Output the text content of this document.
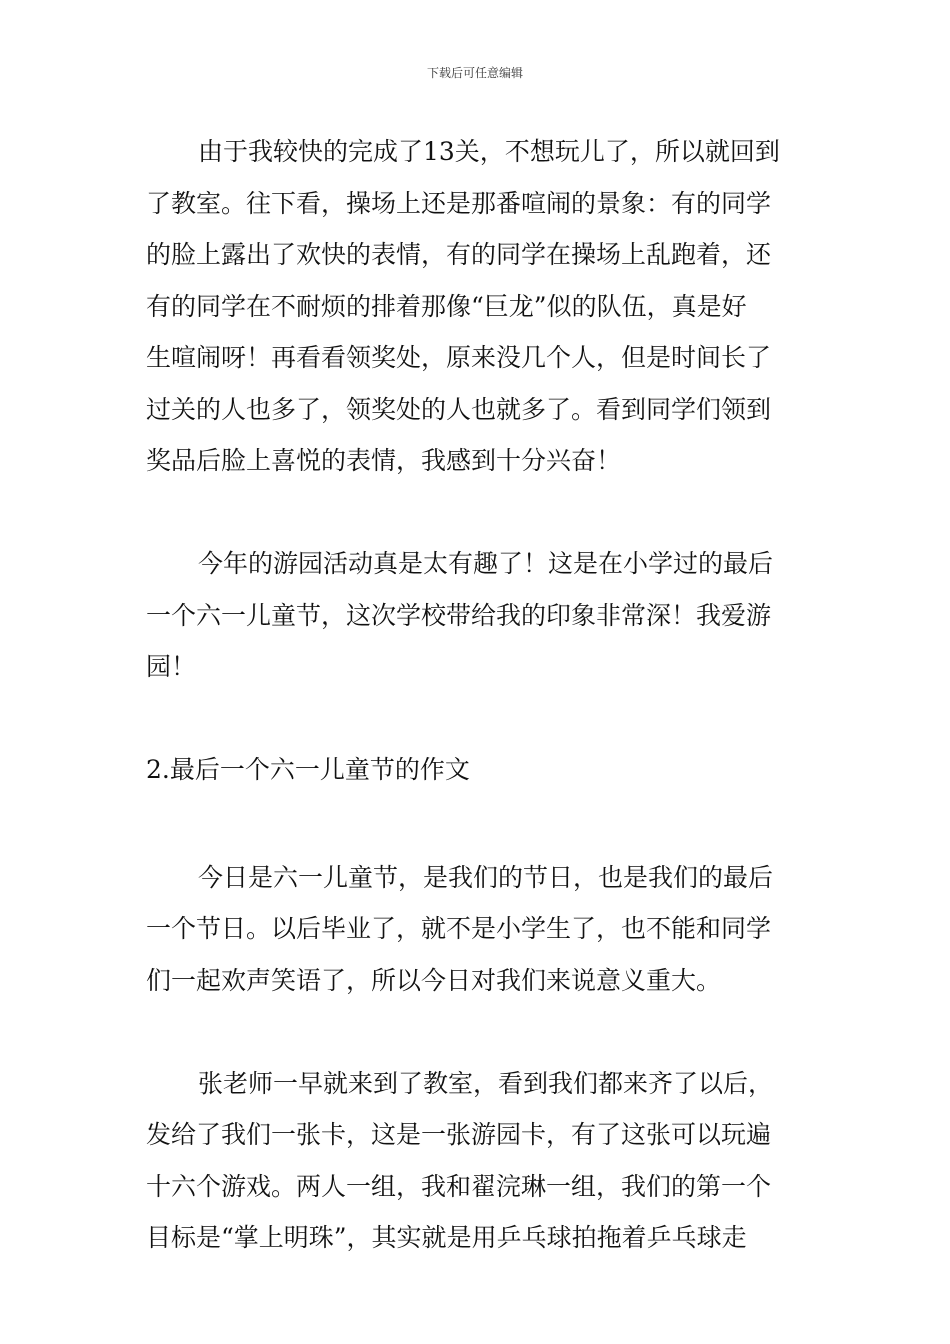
下载后可任意编辑

由于我较快的完成了13关，不想玩儿了，所以就回到
了教室。往下看，操场上还是那番喧闹的景象：有的同学
的脸上露出了欢快的表情，有的同学在操场上乱跑着，还
有的同学在不耐烦的排着那像“巨龙”似的队伍，真是好
生喧闹呀！再看看领奖处，原来没几个人，但是时间长了
过关的人也多了，领奖处的人也就多了。看到同学们领到
奖品后脸上喜悦的表情，我感到十分兴奋！

今年的游园活动真是太有趣了！这是在小学过的最后
一个六一儿童节，这次学校带给我的印象非常深！我爱游
园！

2.最后一个六一儿童节的作文

今日是六一儿童节，是我们的节日，也是我们的最后
一个节日。以后毕业了，就不是小学生了，也不能和同学
们一起欢声笑语了，所以今日对我们来说意义重大。

张老师一早就来到了教室，看到我们都来齐了以后，
发给了我们一张卡，这是一张游园卡，有了这张可以玩遍
十六个游戏。两人一组，我和翟浣琳一组，我们的第一个
目标是“掌上明珠”，其实就是用乒乓球拍拖着乒乓球走
